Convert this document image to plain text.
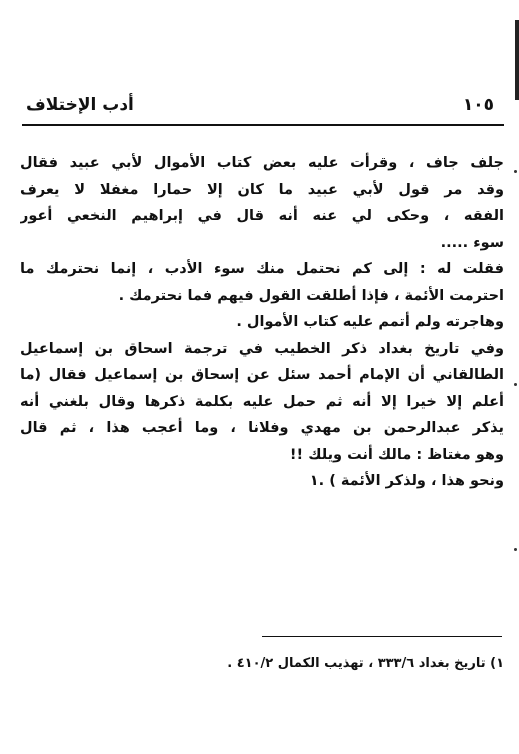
أدب الإختلاف	١٠٥
جلف جاف ، وقرأت عليه بعض كتاب الأموال لأبي عبيد فقال
وقد مر قول لأبي عبيد ما كان إلا حمارا مغفلا لا يعرف
الفقه ، وحكى لي عنه أنه قال في إبراهيم النخعي أعور
سوء .....
فقلت له : إلى كم نحتمل منك سوء الأدب ، إنما نحترمك ما
احترمت الأئمة ، فإذا أطلقت القول فيهم فما نحترمك .
وهاجرته ولم أتمم عليه كتاب الأموال .
وفي تاريخ بغداد ذكر الخطيب في ترجمة اسحاق بن إسماعيل
الطالقاني أن الإمام أحمد سئل عن إسحاق بن إسماعيل فقال (ما
أعلم إلا خيرا إلا أنه ثم حمل عليه بكلمة ذكرها وقال بلغني أنه
يذكر عبدالرحمن بن مهدي وفلانا ، وما أعجب هذا ، ثم قال
وهو مغتاظ : مالك أنت ويلك !!
ونحو هذا ، ولذكر الأئمة ) .١
١) تاريخ بغداد ٣٣٣/٦ ، تهذيب الكمال ٤١٠/٢ .
